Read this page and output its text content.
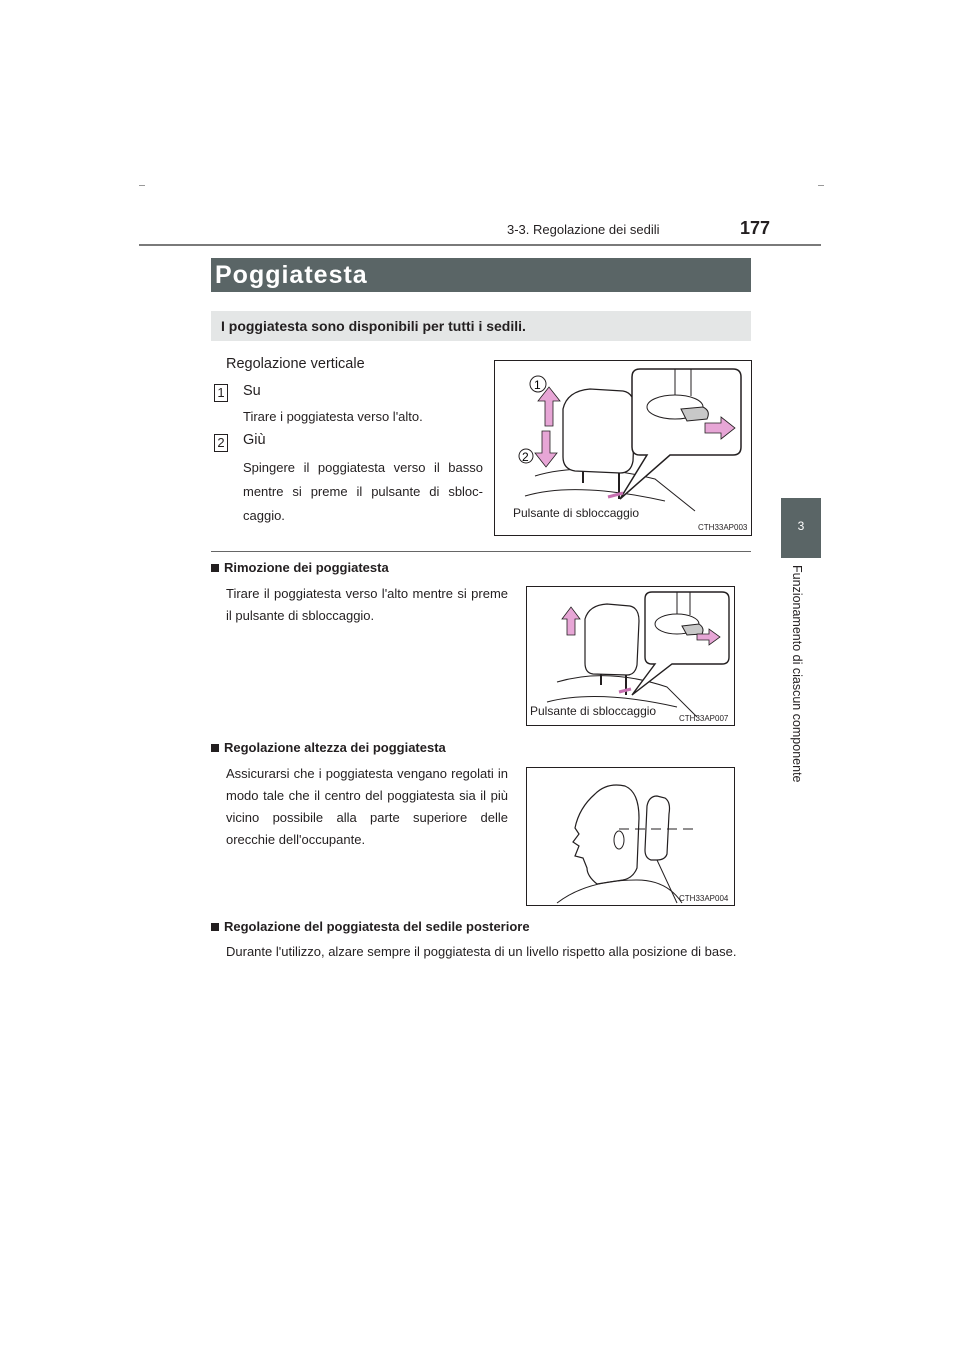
3-3. Regolazione dei sedili	177
3
Funzionamento di ciascun componente
Poggiatesta
I poggiatesta sono disponibili per tutti i sedili.
Regolazione verticale
1 Su
Tirare i poggiatesta verso l'alto.
2 Giù
Spingere il poggiatesta verso il basso mentre si preme il pulsante di sbloc-caggio.
1
2
Pulsante di sbloccaggio
CTH33AP003
Rimozione dei poggiatesta
Tirare il poggiatesta verso l'alto mentre si preme il pulsante di sbloccaggio.
Pulsante di sbloccaggio
CTH33AP007
Regolazione altezza dei poggiatesta
Assicurarsi che i poggiatesta vengano regolati in modo tale che il centro del poggiatesta sia il più vicino possibile alla parte superiore delle orecchie dell'occupante.
CTH33AP004
Regolazione del poggiatesta del sedile posteriore
Durante l'utilizzo, alzare sempre il poggiatesta di un livello rispetto alla posizione di base.
